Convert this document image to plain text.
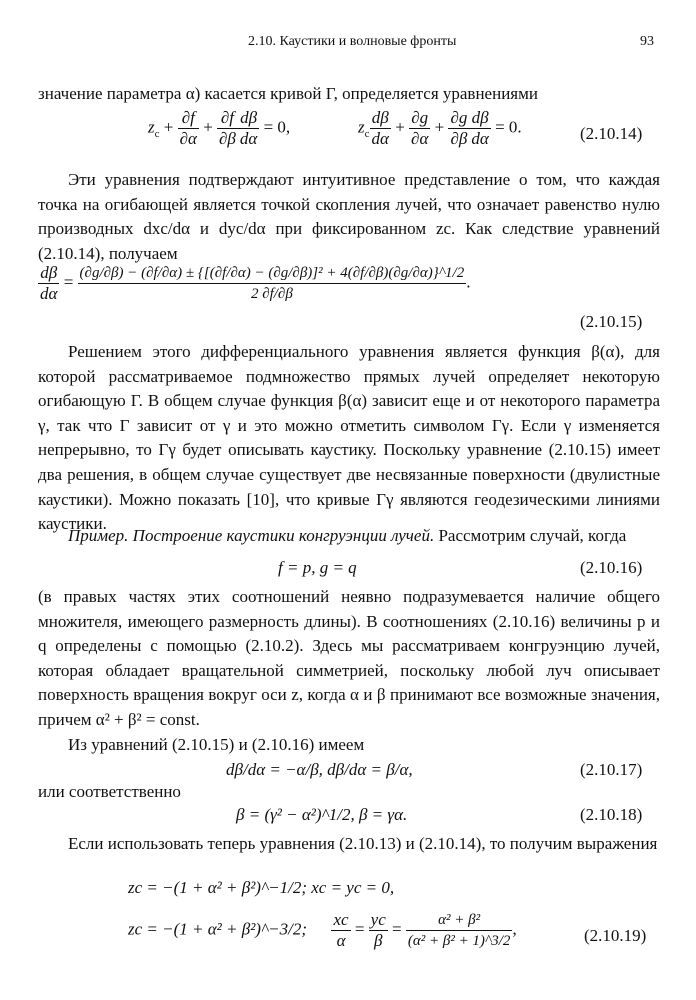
2.10. Каустики и волновые фронты	93

значение параметра α) касается кривой Г, определяется уравнениями

$z_c + \frac{\partial f}{\partial\alpha} + \frac{\partial f}{\partial\beta} \frac{d\beta}{d\alpha} = 0$,	$z_c \frac{d\beta}{d\alpha} + \frac{\partial g}{\partial\alpha} + \frac{\partial g}{\partial\beta} \frac{d\beta}{d\alpha} = 0$.	(2.10.14)

Эти уравнения подтверждают интуитивное представление о том, что каждая точка на огибающей является точкой скопления лучей, что означает равенство нулю производных dxc/dα и dyc/dα при фиксированном zc. Как следствие уравнений (2.10.14), получаем

$\frac{d\beta}{d\alpha} = (\partial g/\partial\beta) - (\partial f/\partial\alpha) \pm \{[(\partial f/\partial\alpha) - (\partial g/\partial\beta)]^2$ + 4(∂f/∂β)(∂g/∂α)}^1/2
2 ∂f/∂β
.
(2.10.15)

Решением этого дифференциального уравнения является функция β(α), для которой рассматриваемое подмножество прямых лучей определяет некоторую огибающую Г. В общем случае функция β(α) зависит еще и от некоторого параметра γ, так что Г зависит от γ и это можно отметить символом Гγ. Если γ изменяется непрерывно, то Гγ будет описывать каустику. Поскольку уравнение (2.10.15) имеет два решения, в общем случае существует две несвязанные поверхности (двулистные каустики). Можно показать [10], что кривые Гγ являются геодезическими линиями каустики.

Пример. Построение каустики конгруэнции лучей. Рассмотрим случай, когда

f = p, g = q	(2.10.16)

(в правых частях этих соотношений неявно подразумевается наличие общего множителя, имеющего размерность длины). В соотношениях (2.10.16) величины p и q определены с помощью (2.10.2). Здесь мы рассматриваем конгруэнцию лучей, которая обладает вращательной симметрией, поскольку любой луч описывает поверхность вращения вокруг оси z, когда α и β принимают все возможные значения, причем α² + β² = const.

Из уравнений (2.10.15) и (2.10.16) имеем

dβ/dα = −α/β, dβ/dα = β/α,	(2.10.17)

или соответственно

β = (γ² − α²)^1/2, β = γα.	(2.10.18)

Если использовать теперь уравнения (2.10.13) и (2.10.14), то получим выражения

zc = −(1 + α² + β²)^−1/2; xc = yc = 0,
zc = −(1 + α² + β²)^−3/2; $\frac{xc}{\alpha} = \frac{yc}{\beta} = \frac{\text{α² + β²}}{\text{(α² + β² + 1)\textasciicircum{}3/2}}$ ,	(2.10.19)
